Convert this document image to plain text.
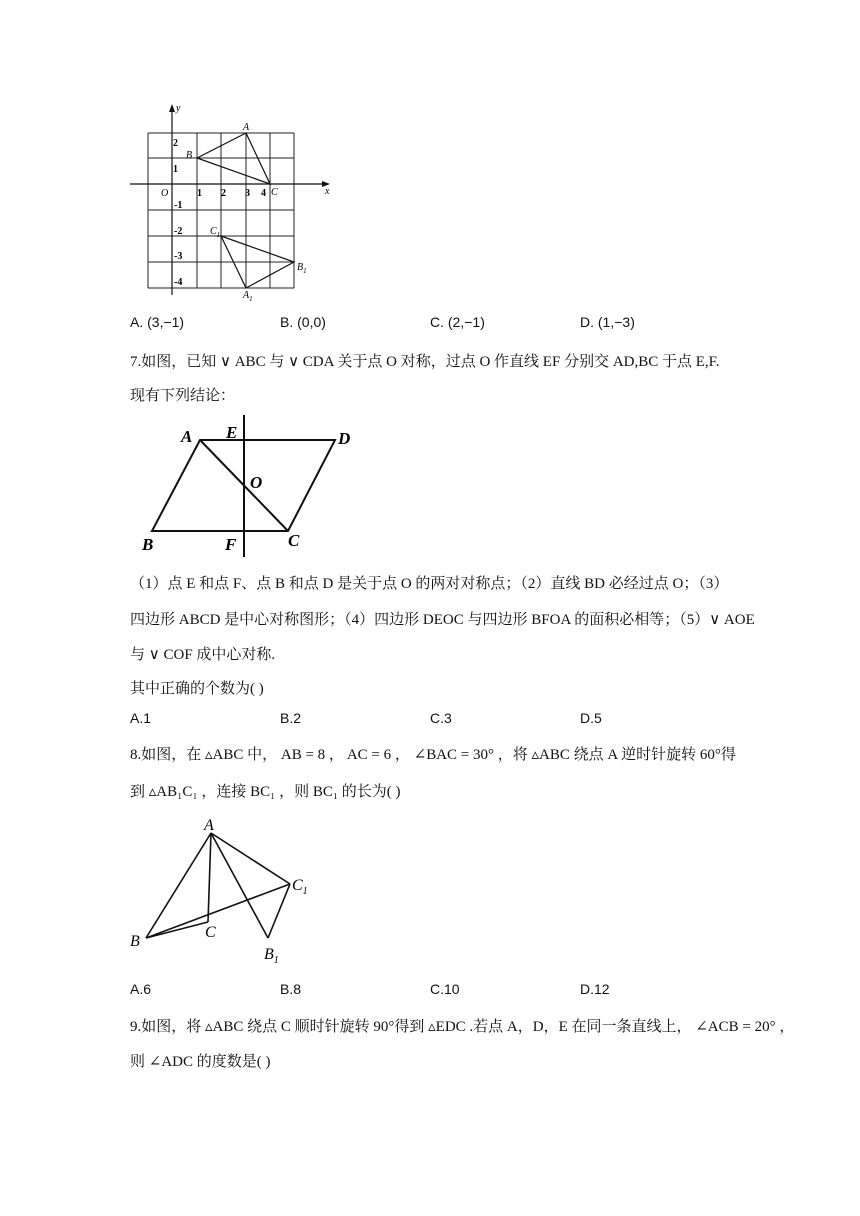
y
x
O
A
B
C
$C_1$
$B_1$
$A_1$
1 2 3 4
2
1
-1
-2
-3
-4
A. (3,−1)	B. (0,0)	C. (2,−1)	D. (1,−3)
7.如图，已知 ∨ ABC 与 ∨ CDA 关于点 O 对称，过点 O 作直线 EF 分别交 AD,BC 于点 E,F.
现有下列结论：
A E	D
O
B	F	C
（1）点 E 和点 F、点 B 和点 D 是关于点 O 的两对对称点；（2）直线 BD 必经过点 O；（3）
四边形 ABCD 是中心对称图形；（4）四边形 DEOC 与四边形 BFOA 的面积必相等；（5）∨ AOE
与 ∨ COF 成中心对称.
其中正确的个数为( )
A.1	B.2	C.3	D.5
8.如图，在 ▵ABC 中， AB = 8 ， AC = 6 ， ∠BAC = 30° ，将 ▵ABC 绕点 A 逆时针旋转 60°得
到 ▵AB₁C₁ ，连接 BC₁ ，则 BC₁ 的长为( )
A
B
C
$C_1$
$B_1$
A.6	B.8	C.10	D.12
9.如图，将 ▵ABC 绕点 C 顺时针旋转 90°得到 ▵EDC .若点 A，D，E 在同一条直线上， ∠ACB = 20° ，
则 ∠ADC 的度数是( )
